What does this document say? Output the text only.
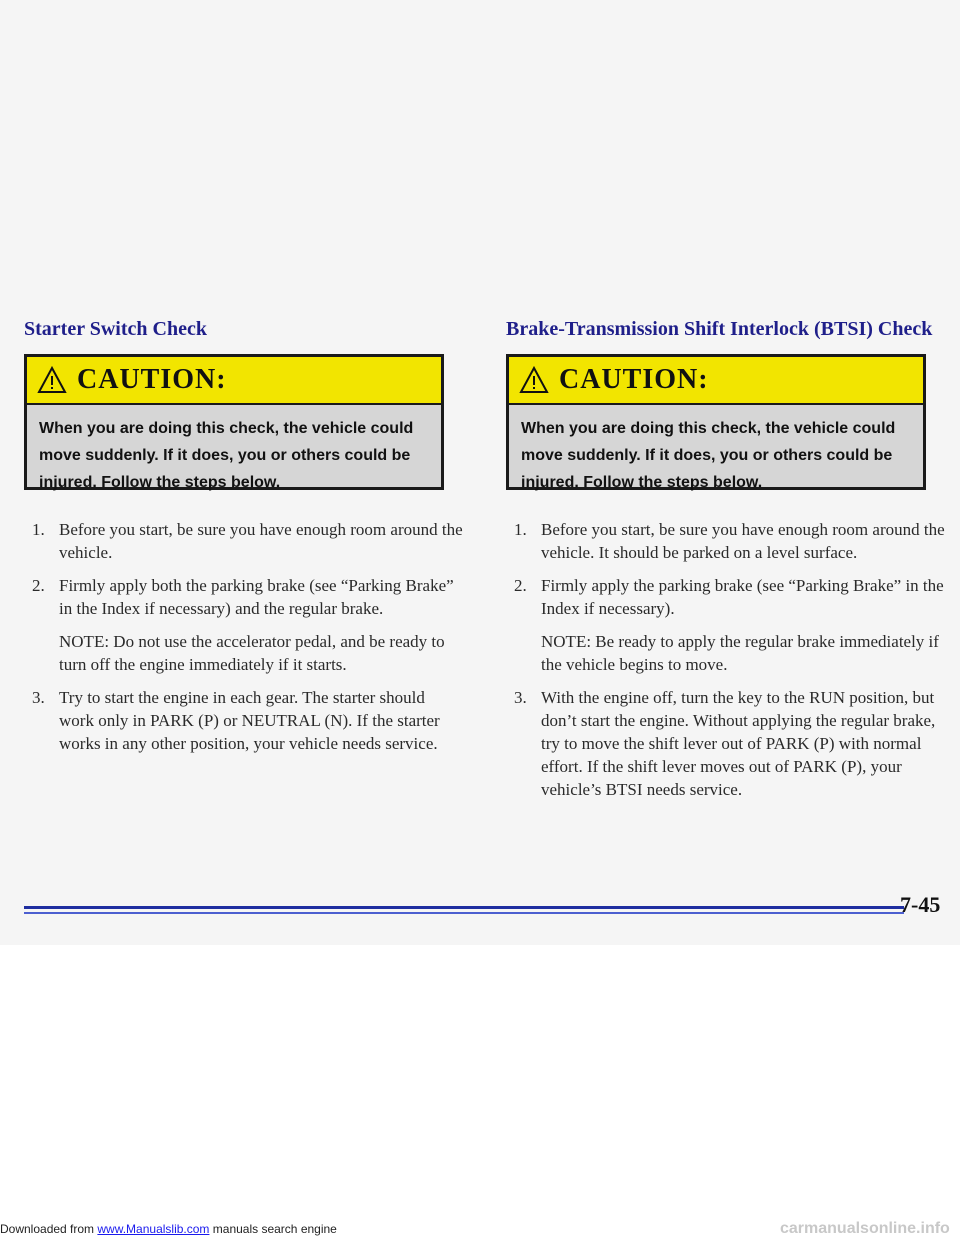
Starter Switch Check
CAUTION:
When you are doing this check, the vehicle could move suddenly. If it does, you or others could be injured. Follow the steps below.
1. Before you start, be sure you have enough room around the vehicle.
2. Firmly apply both the parking brake (see “Parking Brake” in the Index if necessary) and the regular brake.
NOTE: Do not use the accelerator pedal, and be ready to turn off the engine immediately if it starts.
3. Try to start the engine in each gear. The starter should work only in PARK (P) or NEUTRAL (N). If the starter works in any other position, your vehicle needs service.
Brake-Transmission Shift Interlock (BTSI) Check
CAUTION:
When you are doing this check, the vehicle could move suddenly. If it does, you or others could be injured. Follow the steps below.
1. Before you start, be sure you have enough room around the vehicle. It should be parked on a level surface.
2. Firmly apply the parking brake (see “Parking Brake” in the Index if necessary).
NOTE: Be ready to apply the regular brake immediately if the vehicle begins to move.
3. With the engine off, turn the key to the RUN position, but don’t start the engine. Without applying the regular brake, try to move the shift lever out of PARK (P) with normal effort. If the shift lever moves out of PARK (P), your vehicle’s BTSI needs service.
7-45
Downloaded from www.Manualslib.com manuals search engine	carmanualsonline.info
